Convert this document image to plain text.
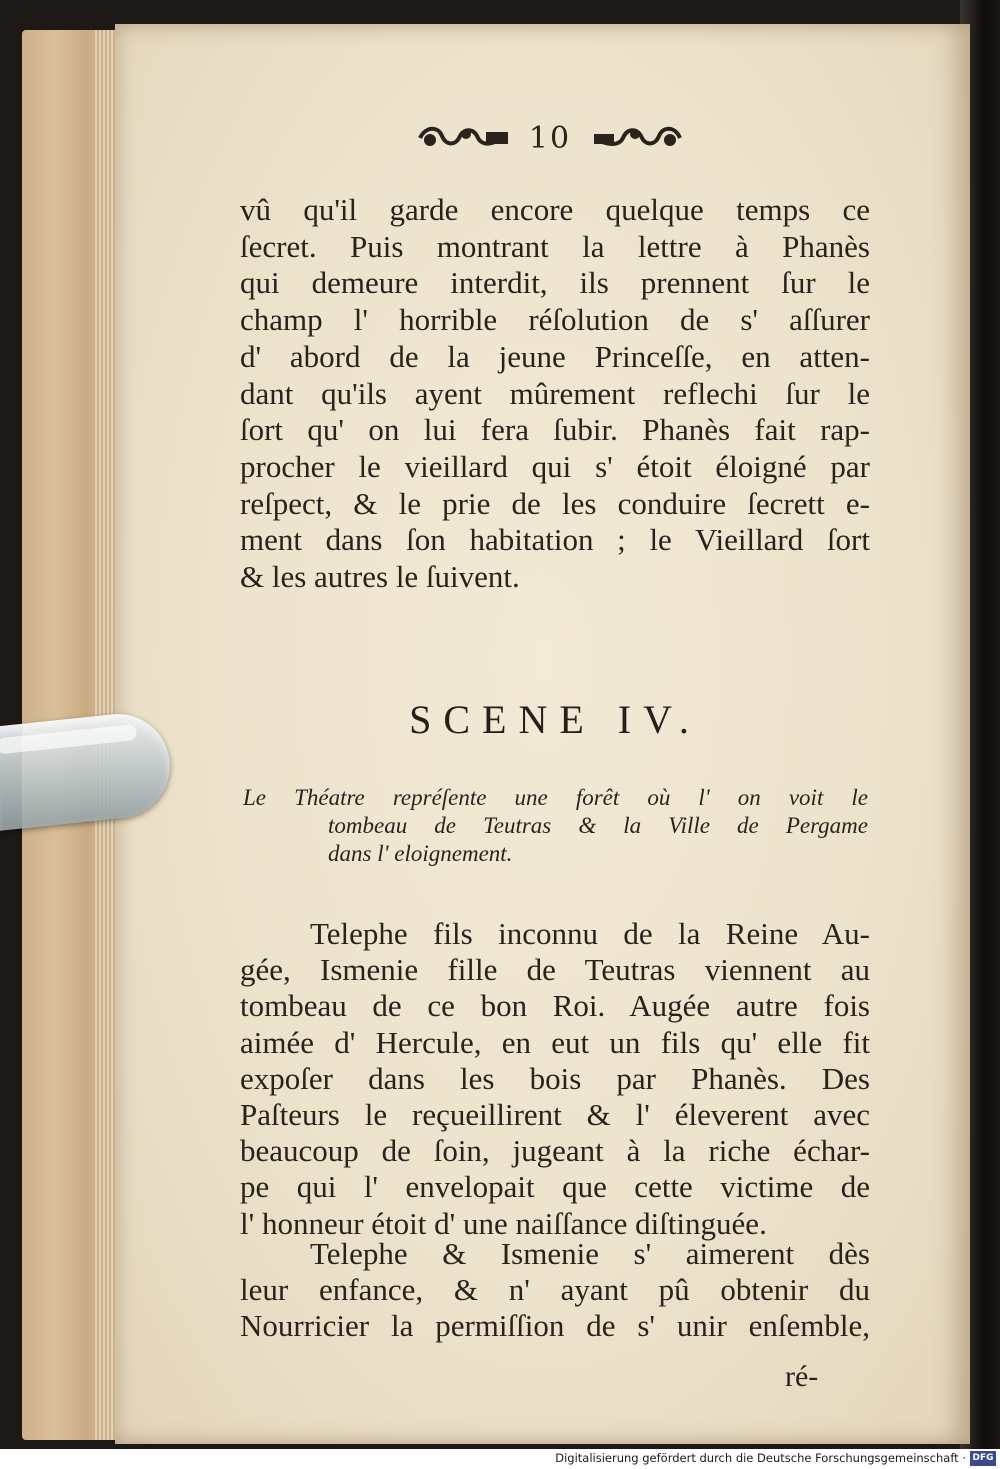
10
vû qu'il garde encore quelque temps ce
ſecret. Puis montrant la lettre à Phanès
qui demeure interdit, ils prennent ſur le
champ l' horrible réſolution de s' aſſurer
d' abord de la jeune Princeſſe, en atten-
dant qu'ils ayent mûrement reflechi ſur le
ſort qu' on lui fera ſubir. Phanès fait rap-
procher le vieillard qui s' étoit éloigné par
reſpect, & le prie de les conduire ſecrett e-
ment dans ſon habitation ; le Vieillard ſort
& les autres le ſuivent.
SCENE IV.
Le Théatre repréſente une forêt où l' on voit le
tombeau de Teutras & la Ville de Pergame
dans l' eloignement.
Telephe fils inconnu de la Reine Au-
gée, Ismenie fille de Teutras viennent au
tombeau de ce bon Roi. Augée autre fois
aimée d' Hercule, en eut un fils qu' elle fit
expoſer dans les bois par Phanès. Des
Paſteurs le reçueillirent & l' éleverent avec
beaucoup de ſoin, jugeant à la riche échar-
pe qui l' envelopait que cette victime de
l' honneur étoit d' une naiſſance diſtinguée.
Telephe & Ismenie s' aimerent dès
leur enfance, & n' ayant pû obtenir du
Nourricier la permiſſion de s' unir enſemble,
ré-
Digitalisierung gefördert durch die Deutsche Forschungsgemeinschaft · DFG
